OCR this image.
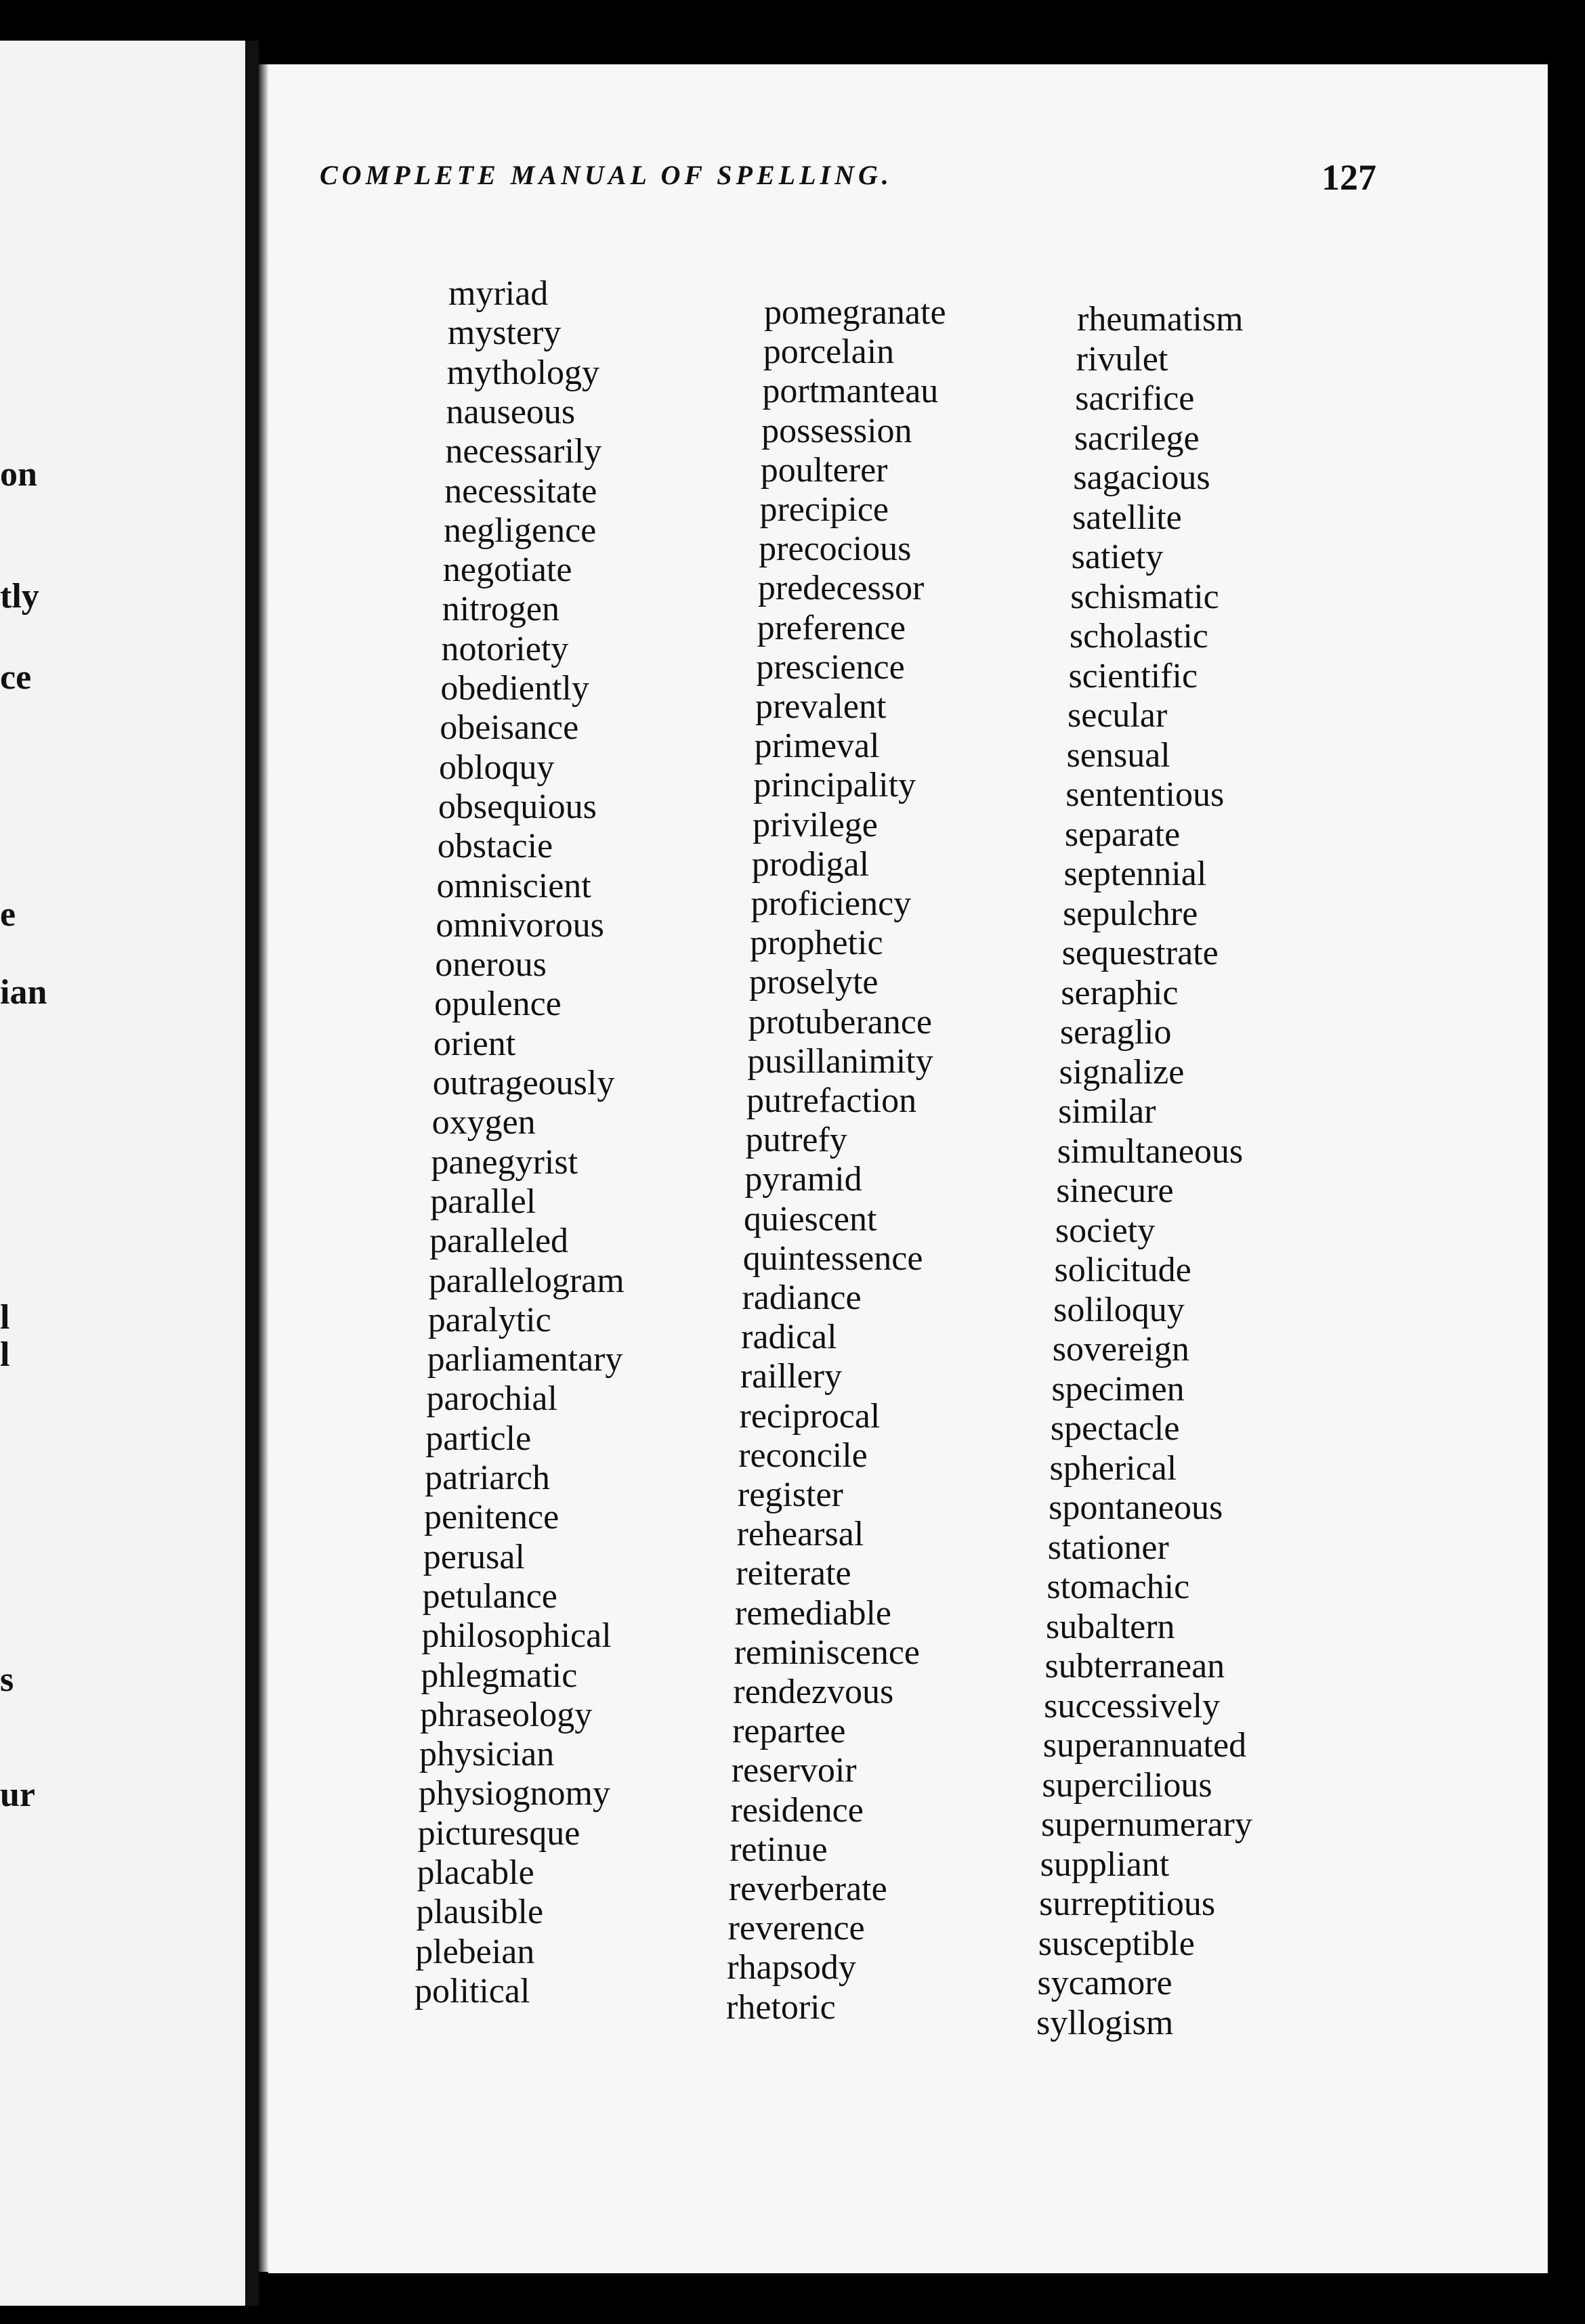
on
tly
ce
e
ian
l
l
s
ur
COMPLETE MANUAL OF SPELLING.	127
myriad
mystery
mythology
nauseous
necessarily
necessitate
negligence
negotiate
nitrogen
notoriety
obediently
obeisance
obloquy
obsequious
obstacie
omniscient
omnivorous
onerous
opulence
orient
outrageously
oxygen
panegyrist
parallel
paralleled
parallelogram
paralytic
parliamentary
parochial
particle
patriarch
penitence
perusal
petulance
philosophical
phlegmatic
phraseology
physician
physiognomy
picturesque
placable
plausible
plebeian
political
pomegranate
porcelain
portmanteau
possession
poulterer
precipice
precocious
predecessor
preference
prescience
prevalent
primeval
principality
privilege
prodigal
proficiency
prophetic
proselyte
protuberance
pusillanimity
putrefaction
putrefy
pyramid
quiescent
quintessence
radiance
radical
raillery
reciprocal
reconcile
register
rehearsal
reiterate
remediable
reminiscence
rendezvous
repartee
reservoir
residence
retinue
reverberate
reverence
rhapsody
rhetoric
rheumatism
rivulet
sacrifice
sacrilege
sagacious
satellite
satiety
schismatic
scholastic
scientific
secular
sensual
sententious
separate
septennial
sepulchre
sequestrate
seraphic
seraglio
signalize
similar
simultaneous
sinecure
society
solicitude
soliloquy
sovereign
specimen
spectacle
spherical
spontaneous
stationer
stomachic
subaltern
subterranean
successively
superannuated
supercilious
supernumerary
suppliant
surreptitious
susceptible
sycamore
syllogism
